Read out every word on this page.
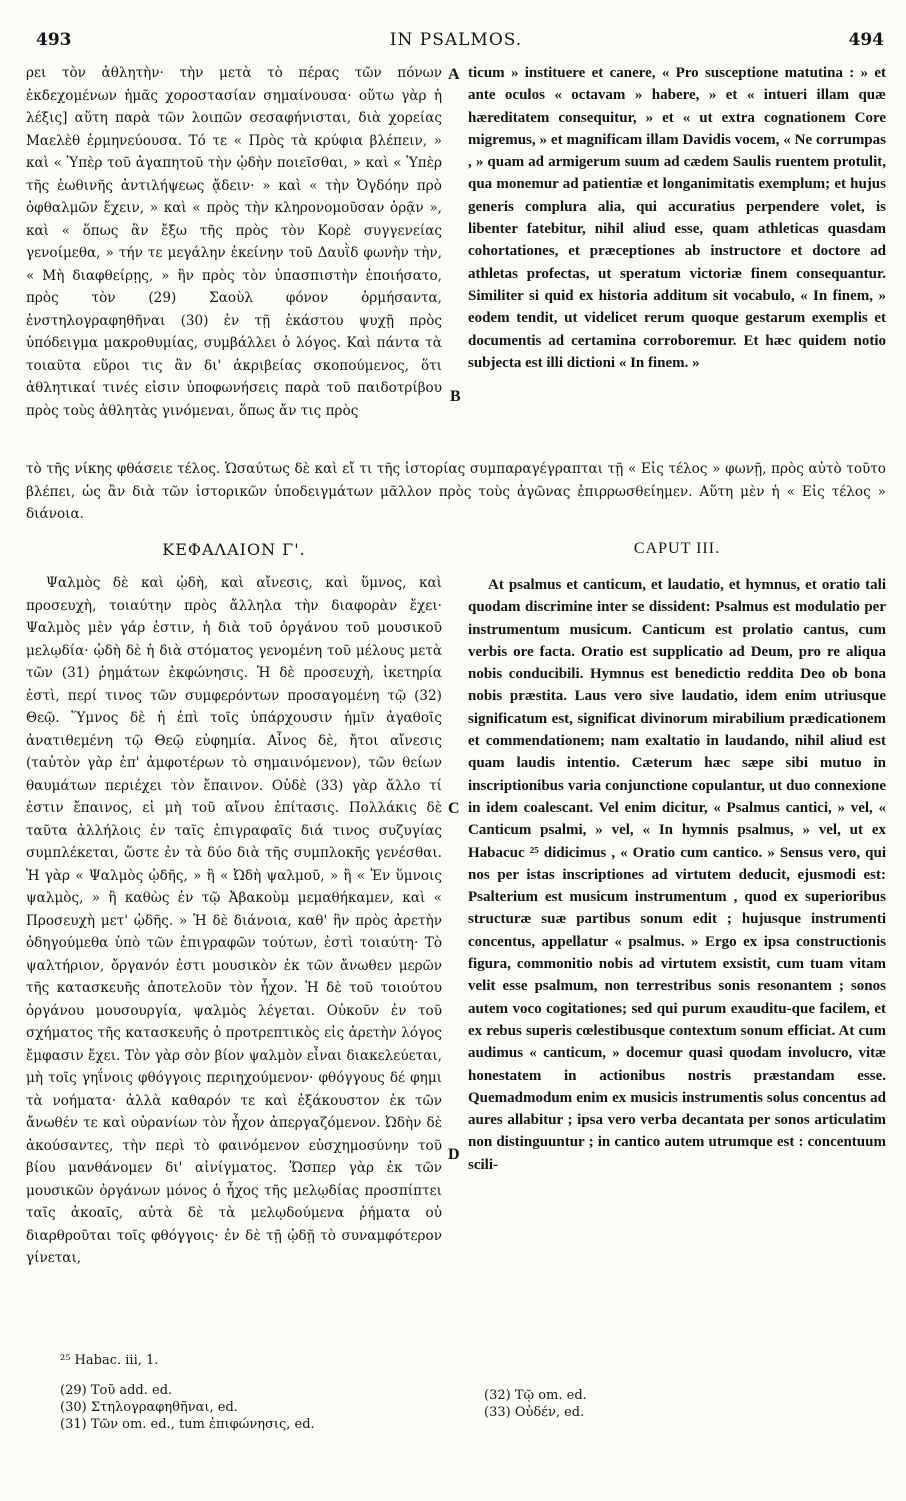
493	IN PSALMOS.	494

ρει τὸν ἀθλητὴν· τὴν μετὰ τὸ πέρας τῶν πόνων ἐκδεχομένων ἡμᾶς χοροστασίαν σημαίνουσα· οὕτω γὰρ ἡ λέξις] αὕτη παρὰ τῶν λοιπῶν σεσαφήνισται, διὰ χορείας Μαελὲθ ἑρμηνεύουσα. Τό τε « Πρὸς τὰ κρύφια βλέπειν, » καὶ « Ὑπὲρ τοῦ ἀγαπητοῦ τὴν ᾠδὴν ποιεῖσθαι, » καὶ « Ὑπὲρ τῆς ἑωθινῆς ἀντιλήψεως ᾄδειν· » καὶ « τὴν Ὀγδόην πρὸ ὀφθαλμῶν ἔχειν, » καὶ « πρὸς τὴν κληρονομοῦσαν ὁρᾷν », καὶ « ὅπως ἂν ἔξω τῆς πρὸς τὸν Κορὲ συγγενείας γενοίμεθα, » τήν τε μεγάλην ἐκείνην τοῦ Δαυῒδ φωνὴν τὴν, « Μὴ διαφθείρῃς, » ἣν πρὸς τὸν ὑπασπιστὴν ἐποιήσατο, πρὸς τὸν (29) Σαοὺλ φόνον ὁρμήσαντα, ἐνστηλογραφηθῆναι (30) ἐν τῇ ἑκάστου ψυχῇ πρὸς ὑπόδειγμα μακροθυμίας, συμβάλλει ὁ λόγος. Καὶ πάντα τὰ τοιαῦτα εὕροι τις ἂν δι' ἀκριβείας σκοπούμενος, ὅτι ἀθλητικαί τινές εἰσιν ὑποφωνήσεις παρὰ τοῦ παιδοτρίβου πρὸς τοὺς ἀθλητὰς γινόμεναι, ὅπως ἄν τις πρὸς

ticum » instituere et canere, « Pro susceptione matutina : » et ante oculos « octavam » habere, » et « intueri illam quæ hæreditatem consequitur, » et « ut extra cognationem Core migremus, » et magnificam illam Davidis vocem, « Ne corrumpas , » quam ad armigerum suum ad cædem Saulis ruentem protulit, qua monemur ad patientiæ et longanimitatis exemplum; et hujus generis complura alia, qui accuratius perpendere volet, is libenter fatebitur, nihil aliud esse, quam athleticas quasdam cohortationes, et præceptiones ab instructore et doctore ad athletas profectas, ut speratum victoriæ finem consequantur. Similiter si quid ex historia additum sit vocabulo, « In finem, » eodem tendit, ut videlicet rerum quoque gestarum exemplis et documentis ad certamina corroboremur. Et hæc quidem notio subjecta est illi dictioni « In finem. »

τὸ τῆς νίκης φθάσειε τέλος. Ὡσαύτως δὲ καὶ εἴ τι τῆς ἱστορίας συμπαραγέγραπται τῇ « Εἰς τέλος » φωνῇ, πρὸς αὐτὸ τοῦτο βλέπει, ὡς ἂν διὰ τῶν ἱστορικῶν ὑποδειγμάτων μᾶλλον πρὸς τοὺς ἀγῶνας ἐπιρρωσθείημεν. Αὕτη μὲν ἡ « Εἰς τέλος » διάνοια.
A
B
C
D
ΚΕΦΑΛΑΙΟΝ Γ'.	CAPUT III.

Ψαλμὸς δὲ καὶ ᾠδὴ, καὶ αἴνεσις, καὶ ὕμνος, καὶ προσευχὴ, τοιαύτην πρὸς ἄλληλα τὴν διαφορὰν ἔχει· Ψαλμὸς μὲν γάρ ἐστιν, ἡ διὰ τοῦ ὀργάνου τοῦ μουσικοῦ μελῳδία· ᾠδὴ δὲ ἡ διὰ στόματος γενομένη τοῦ μέλους μετὰ τῶν (31) ῥημάτων ἐκφώνησις. Ἡ δὲ προσευχὴ, ἱκετηρία ἐστὶ, περί τινος τῶν συμφερόντων προσαγομένη τῷ (32) Θεῷ. Ὕμνος δὲ ἡ ἐπὶ τοῖς ὑπάρχουσιν ἡμῖν ἀγαθοῖς ἀνατιθεμένη τῷ Θεῷ εὐφημία. Αἶνος δὲ, ἤτοι αἴνεσις (ταὐτὸν γὰρ ἐπ' ἀμφοτέρων τὸ σημαινόμενον), τῶν θείων θαυμάτων περιέχει τὸν ἔπαινον. Οὐδὲ (33) γὰρ ἄλλο τί ἐστιν ἔπαινος, εἰ μὴ τοῦ αἴνου ἐπίτασις. Πολλάκις δὲ ταῦτα ἀλλήλοις ἐν ταῖς ἐπιγραφαῖς διά τινος συζυγίας συμπλέκεται, ὥστε ἐν τὰ δύο διὰ τῆς συμπλοκῆς γενέσθαι. Ἡ γὰρ « Ψαλμὸς ᾠδῆς, » ἢ « Ὠδὴ ψαλμοῦ, » ἢ « Ἐν ὕμνοις ψαλμὸς, » ἢ καθὼς ἐν τῷ Ἀβακοὺμ μεμαθήκαμεν, καὶ « Προσευχὴ μετ' ᾠδῆς. » Ἡ δὲ διάνοια, καθ' ἣν πρὸς ἀρετὴν ὁδηγούμεθα ὑπὸ τῶν ἐπιγραφῶν τούτων, ἐστὶ τοιαύτη· Τὸ ψαλτήριον, ὄργανόν ἐστι μουσικὸν ἐκ τῶν ἄνωθεν μερῶν τῆς κατασκευῆς ἀποτελοῦν τὸν ἦχον. Ἡ δὲ τοῦ τοιούτου ὀργάνου μουσουργία, ψαλμὸς λέγεται. Οὐκοῦν ἐν τοῦ σχήματος τῆς κατασκευῆς ὁ προτρεπτικὸς εἰς ἀρετὴν λόγος ἔμφασιν ἔχει. Τὸν γὰρ σὸν βίον ψαλμὸν εἶναι διακελεύεται, μὴ τοῖς γηΐνοις φθόγγοις περιηχούμενον· φθόγγους δέ φημι τὰ νοήματα· ἀλλὰ καθαρόν τε καὶ ἐξάκουστον ἐκ τῶν ἄνωθέν τε καὶ οὐρανίων τὸν ἦχον ἀπεργαζόμενον. Ὠδὴν δὲ ἀκούσαντες, τὴν περὶ τὸ φαινόμενον εὐσχημοσύνην τοῦ βίου μανθάνομεν δι' αἰνίγματος. Ὥσπερ γὰρ ἐκ τῶν μουσικῶν ὀργάνων μόνος ὁ ἦχος τῆς μελῳδίας προσπίπτει ταῖς ἀκοαῖς, αὐτὰ δὲ τὰ μελῳδούμενα ῥήματα οὐ διαρθροῦται τοῖς φθόγγοις· ἐν δὲ τῇ ᾠδῇ τὸ συναμφότερον γίνεται,

At psalmus et canticum, et laudatio, et hymnus, et oratio tali quodam discrimine inter se dissident: Psalmus est modulatio per instrumentum musicum. Canticum est prolatio cantus, cum verbis ore facta. Oratio est supplicatio ad Deum, pro re aliqua nobis conducibili. Hymnus est benedictio reddita Deo ob bona nobis præstita. Laus vero sive laudatio, idem enim utriusque significatum est, significat divinorum mirabilium prædicationem et commendationem; nam exaltatio in laudando, nihil aliud est quam laudis intentio. Cæterum hæc sæpe sibi mutuo in inscriptionibus varia conjunctione copulantur, ut duo connexione in idem coalescant. Vel enim dicitur, « Psalmus cantici, » vel, « Canticum psalmi, » vel, « In hymnis psalmus, » vel, ut ex Habacuc ²⁵ didicimus , « Oratio cum cantico. » Sensus vero, qui nos per istas inscriptiones ad virtutem deducit, ejusmodi est: Psalterium est musicum instrumentum , quod ex superioribus structuræ suæ partibus sonum edit ; hujusque instrumenti concentus, appellatur « psalmus. » Ergo ex ipsa constructionis figura, commonitio nobis ad virtutem exsistit, cum tuam vitam velit esse psalmum, non terrestribus sonis resonantem ; sonos autem voco cogitationes; sed qui purum exauditu-que facilem, et ex rebus superis cœlestibusque contextum sonum efficiat. At cum audimus « canticum, » docemur quasi quodam involucro, vitæ honestatem in actionibus nostris præstandam esse. Quemadmodum enim ex musicis instrumentis solus concentus ad aures allabitur ; ipsa vero verba decantata per sonos articulatim non distinguuntur ; in cantico autem utrumque est : concentuum scili-

²⁵ Habac. iii, 1.
(29) Τοῦ add. ed.
(30) Στηλογραφηθῆναι, ed.
(31) Τῶν om. ed., tum ἐπιφώνησις, ed.
(32) Τῷ om. ed.
(33) Οὐδέν, ed.
